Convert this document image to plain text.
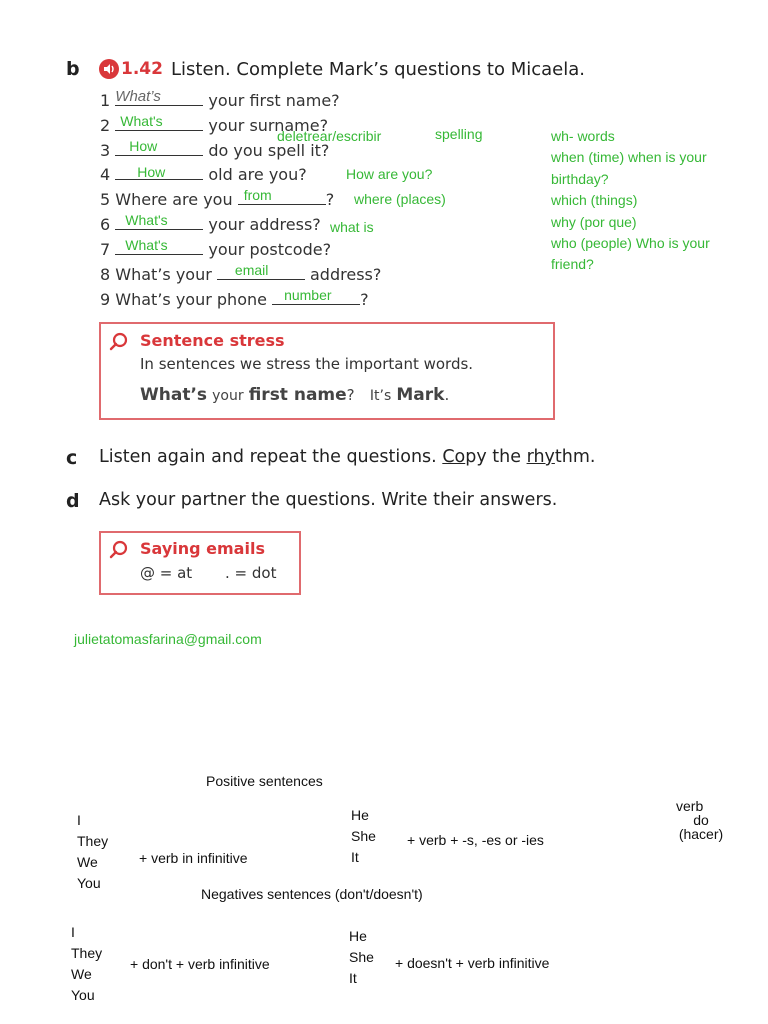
b 1.42 Listen. Complete Mark’s questions to Micaela.
1 What’s	your first name?
2 What's	your surname?
3 How	do you spell it?
4 How	old are you?
5 Where are you from	?
6 What's	your address?
7 What's	your postcode?
8 What’s your email	address?
9 What’s your phone number ?
deletrear/escribir	spelling
How are you?
where (places)
what is
wh- words
when (time) when is your
birthday?
which (things)
why (por que)
who (people) Who is your
friend?
Sentence stress
In sentences we stress the important words.
What’s your first name? It’s Mark.
c Listen again and repeat the questions. Copy the rhythm.
d Ask your partner the questions. Write their answers.
Saying emails
@ = at . = dot
julietatomasfarina@gmail.com
Positive sentences
I
They
We
You
+ verb in infinitive
He
She
It
+ verb + -s, -es or -ies
verb
do
(hacer)
Negatives sentences (don't/doesn't)
I
They
We
You
+ don't + verb infinitive
He
She
It
+ doesn't + verb infinitive
